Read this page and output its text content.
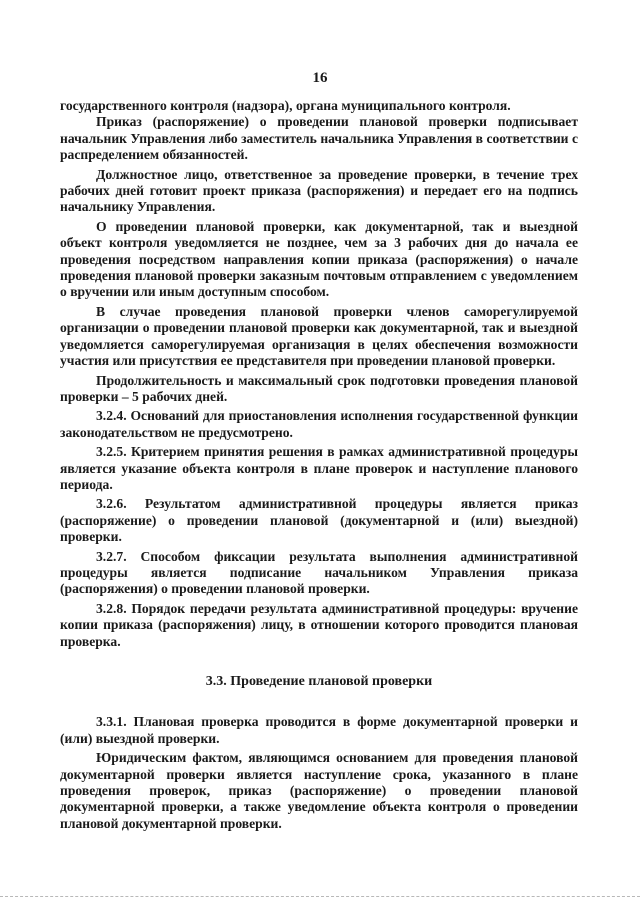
16

государственного контроля (надзора), органа муниципального контроля.

Приказ (распоряжение) о проведении плановой проверки подписывает начальник Управления либо заместитель начальника Управления в соответствии с распределением обязанностей.

Должностное лицо, ответственное за проведение проверки, в течение трех рабочих дней готовит проект приказа (распоряжения) и передает его на подпись начальнику Управления.

О проведении плановой проверки, как документарной, так и выездной объект контроля уведомляется не позднее, чем за 3 рабочих дня до начала ее проведения посредством направления копии приказа (распоряжения) о начале проведения плановой проверки заказным почтовым отправлением с уведомлением о вручении или иным доступным способом.

В случае проведения плановой проверки членов саморегулируемой организации о проведении плановой проверки как документарной, так и выездной уведомляется саморегулируемая организация в целях обеспечения возможности участия или присутствия ее представителя при проведении плановой проверки.

Продолжительность и максимальный срок подготовки проведения плановой проверки – 5 рабочих дней.

3.2.4. Оснований для приостановления исполнения государственной функции законодательством не предусмотрено.

3.2.5. Критерием принятия решения в рамках административной процедуры является указание объекта контроля в плане проверок и наступление планового периода.

3.2.6. Результатом административной процедуры является приказ (распоряжение) о проведении плановой (документарной и (или) выездной) проверки.

3.2.7. Способом фиксации результата выполнения административной процедуры является подписание начальником Управления приказа (распоряжения) о проведении плановой проверки.

3.2.8. Порядок передачи результата административной процедуры: вручение копии приказа (распоряжения) лицу, в отношении которого проводится плановая проверка.

3.3. Проведение плановой проверки

3.3.1. Плановая проверка проводится в форме документарной проверки и (или) выездной проверки.

Юридическим фактом, являющимся основанием для проведения плановой документарной проверки является наступление срока, указанного в плане проведения проверок, приказ (распоряжение) о проведении плановой документарной проверки, а также уведомление объекта контроля о проведении плановой документарной проверки.
